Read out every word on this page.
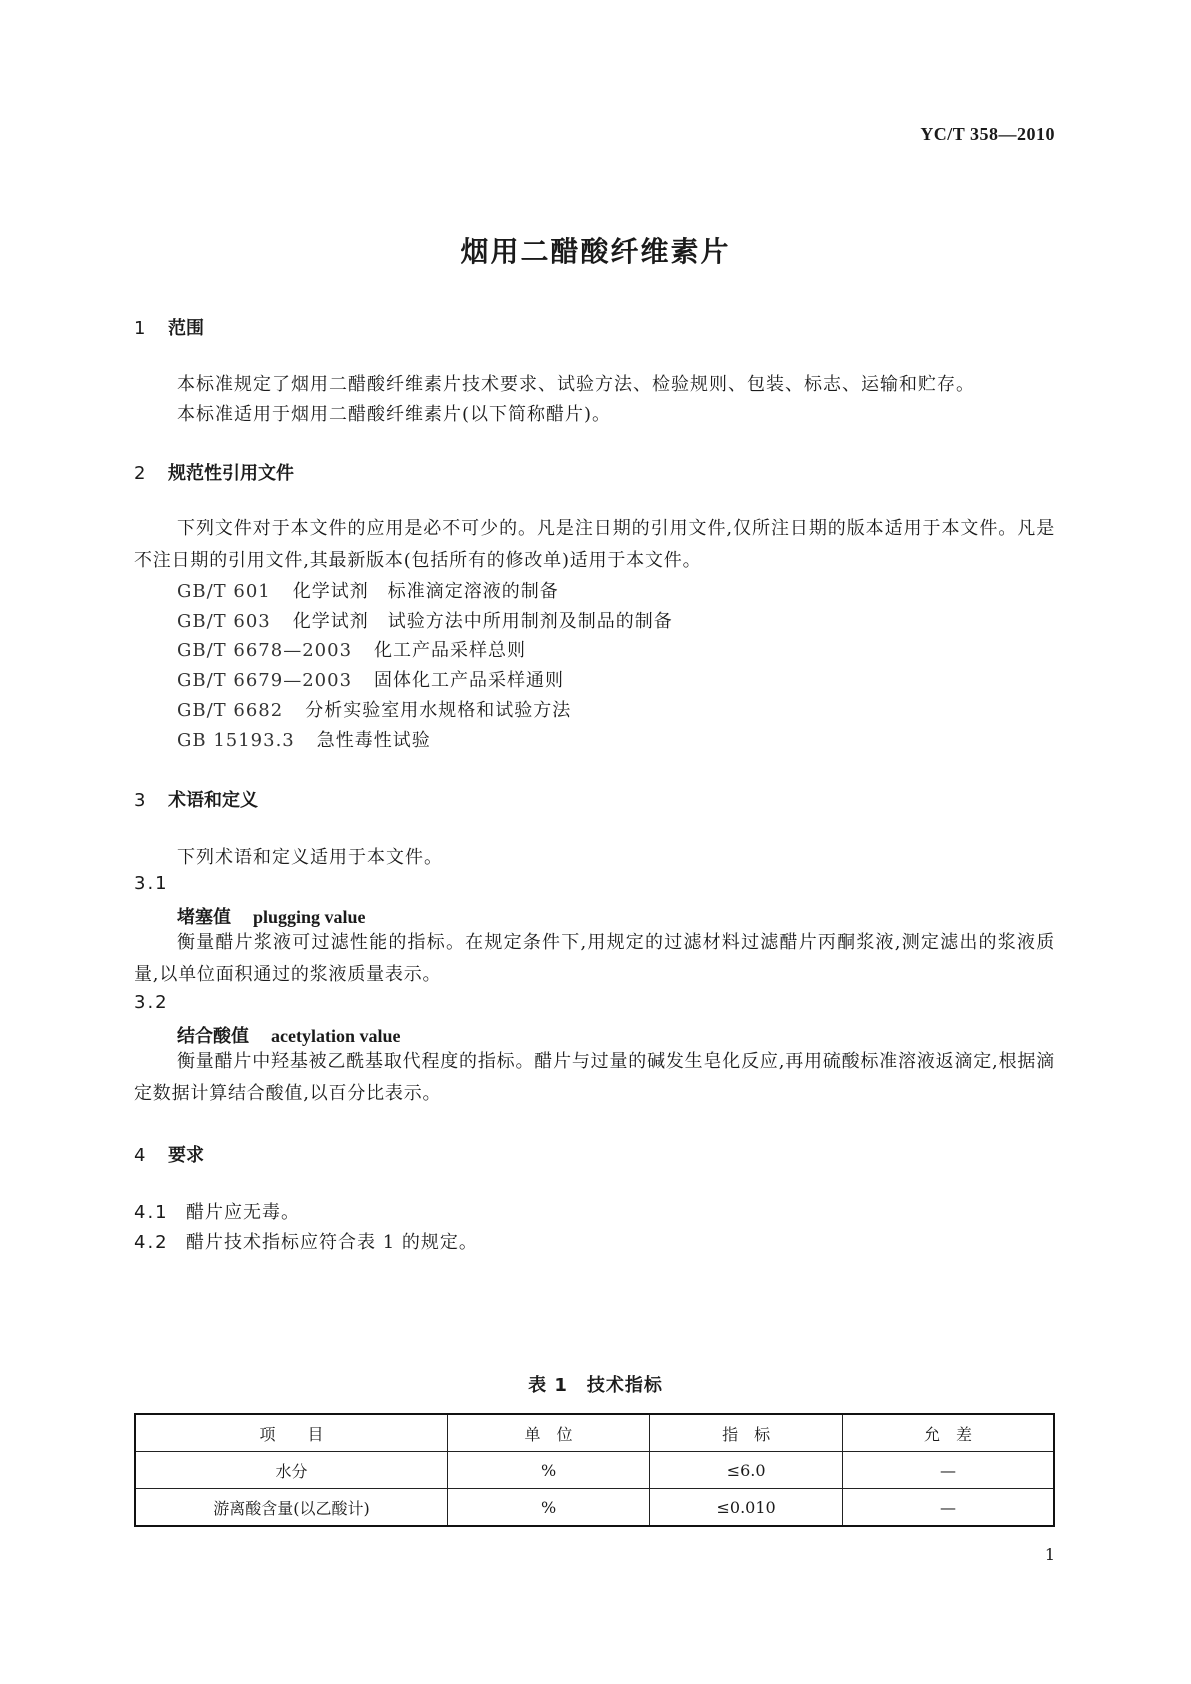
YC/T 358—2010
烟用二醋酸纤维素片
1 范围
本标准规定了烟用二醋酸纤维素片技术要求、试验方法、检验规则、包装、标志、运输和贮存。
本标准适用于烟用二醋酸纤维素片(以下简称醋片)。
2 规范性引用文件
下列文件对于本文件的应用是必不可少的。凡是注日期的引用文件,仅所注日期的版本适用于本文件。凡是不注日期的引用文件,其最新版本(包括所有的修改单)适用于本文件。
GB/T 601 化学试剂　标准滴定溶液的制备
GB/T 603 化学试剂　试验方法中所用制剂及制品的制备
GB/T 6678—2003 化工产品采样总则
GB/T 6679—2003 固体化工产品采样通则
GB/T 6682 分析实验室用水规格和试验方法
GB 15193.3 急性毒性试验
3 术语和定义
下列术语和定义适用于本文件。
3.1
堵塞值 plugging value
衡量醋片浆液可过滤性能的指标。在规定条件下,用规定的过滤材料过滤醋片丙酮浆液,测定滤出的浆液质量,以单位面积通过的浆液质量表示。
3.2
结合酸值 acetylation value
衡量醋片中羟基被乙酰基取代程度的指标。醋片与过量的碱发生皂化反应,再用硫酸标准溶液返滴定,根据滴定数据计算结合酸值,以百分比表示。
4 要求
4.1 醋片应无毒。
4.2 醋片技术指标应符合表 1 的规定。
表 1　技术指标
项　　目	单　位	指　标	允　差
水分	%	≤6.0	—
游离酸含量(以乙酸计)	%	≤0.010	—
1
